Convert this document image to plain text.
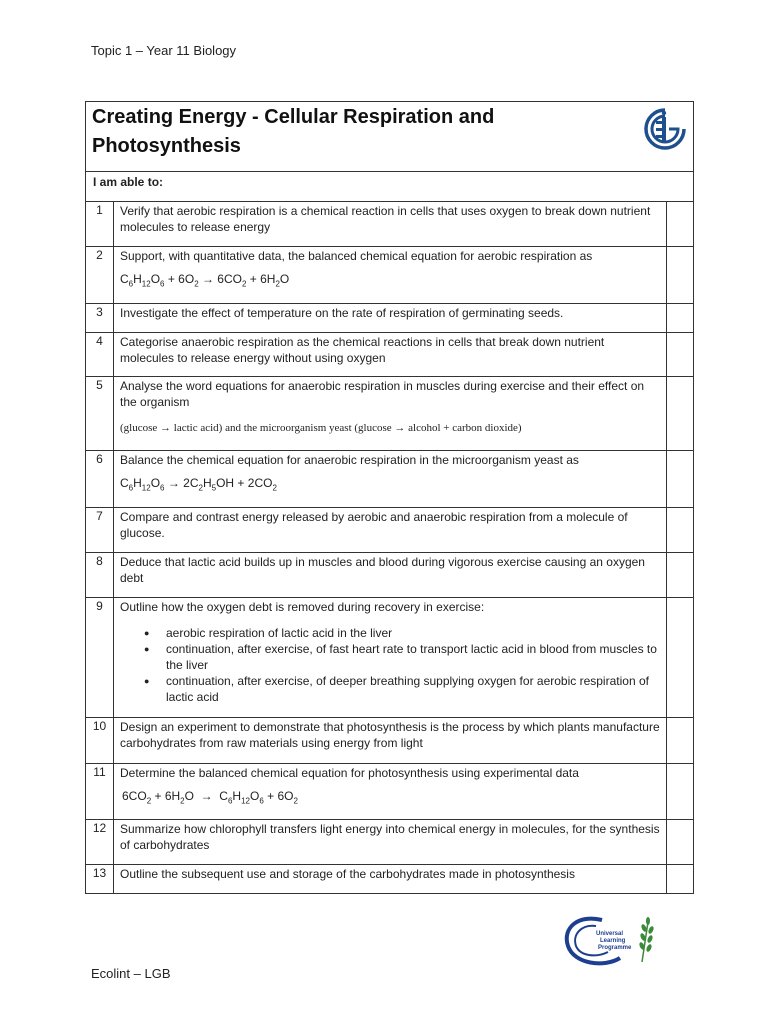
Topic 1 – Year 11 Biology
Creating Energy - Cellular Respiration and Photosynthesis
I am able to:
1	Verify that aerobic respiration is a chemical reaction in cells that uses oxygen to break down nutrient molecules to release energy
2	Support, with quantitative data, the balanced chemical equation for aerobic respiration as
$C_6H_{12}O_6 + 6O_2 \to 6CO_2 + 6H_2O$
3	Investigate the effect of temperature on the rate of respiration of germinating seeds.
4	Categorise anaerobic respiration as the chemical reactions in cells that break down nutrient molecules to release energy without using oxygen
5	Analyse the word equations for anaerobic respiration in muscles during exercise and their effect on the organism
(glucose → lactic acid) and the microorganism yeast (glucose → alcohol + carbon dioxide)
6	Balance the chemical equation for anaerobic respiration in the microorganism yeast as
$C_6H_{12}O_6 \to 2C_2H_5OH + 2CO_2$
7	Compare and contrast energy released by aerobic and anaerobic respiration from a molecule of glucose.
8	Deduce that lactic acid builds up in muscles and blood during vigorous exercise causing an oxygen debt
9	Outline how the oxygen debt is removed during recovery in exercise:
● aerobic respiration of lactic acid in the liver
● continuation, after exercise, of fast heart rate to transport lactic acid in blood from muscles to the liver
● continuation, after exercise, of deeper breathing supplying oxygen for aerobic respiration of lactic acid
10	Design an experiment to demonstrate that photosynthesis is the process by which plants manufacture carbohydrates from raw materials using energy from light
11	Determine the balanced chemical equation for photosynthesis using experimental data
$6CO_2 + 6H_2O \to C_6H_{12}O_6 + 6O_2$
12	Summarize how chlorophyll transfers light energy into chemical energy in molecules, for the synthesis of carbohydrates
13	Outline the subsequent use and storage of the carbohydrates made in photosynthesis
Universal
Learning
Programme
Ecolint – LGB
